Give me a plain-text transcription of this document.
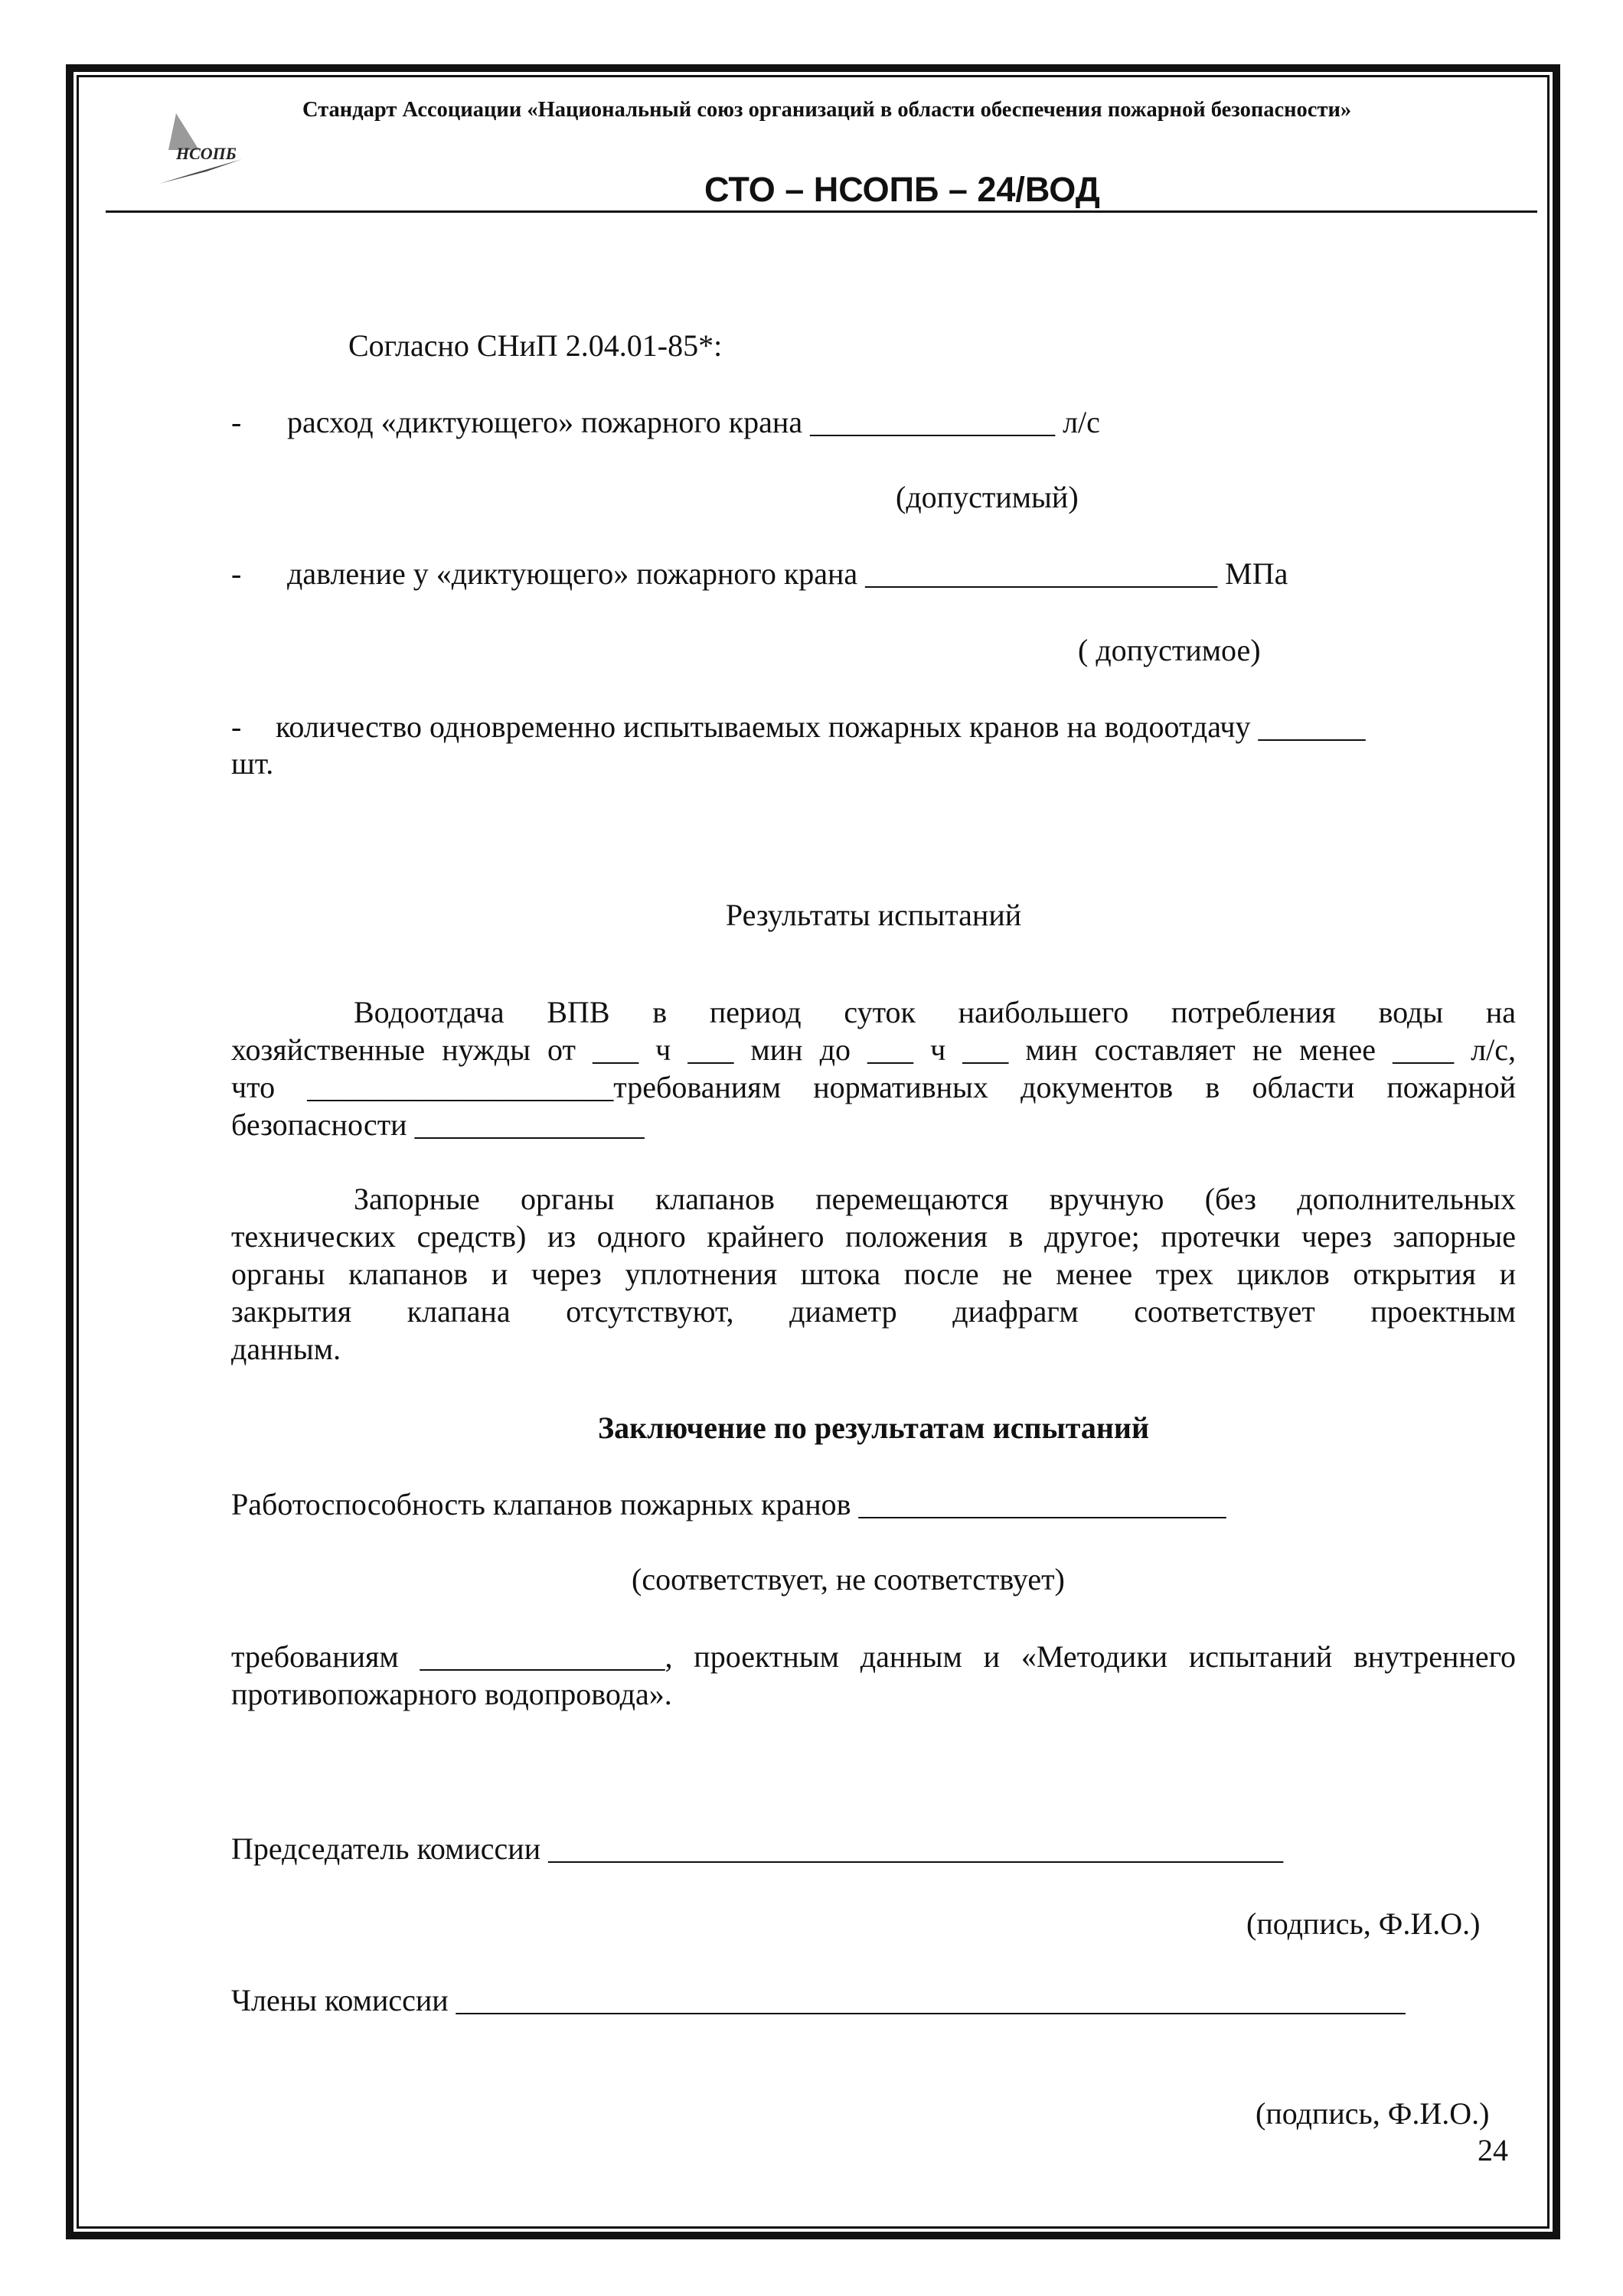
НСОПБ
Стандарт Ассоциации «Национальный союз организаций в области обеспечения пожарной безопасности»
СТО – НСОПБ – 24/ВОД
Согласно СНиП 2.04.01-85*:
- расход «диктующего» пожарного крана ________________ л/с
(допустимый)
- давление у «диктующего» пожарного крана _______________________ МПа
( допустимое)
- количество одновременно испытываемых пожарных кранов на водоотдачу _______
шт.
Результаты испытаний
Водоотдача ВПВ в период суток наибольшего потребления воды на
хозяйственные нужды от ___ ч ___ мин до ___ ч ___ мин составляет не менее ____ л/с,
что ____________________требованиям нормативных документов в области пожарной
безопасности _______________
Запорные органы клапанов перемещаются вручную (без дополнительных
технических средств) из одного крайнего положения в другое; протечки через запорные
органы клапанов и через уплотнения штока после не менее трех циклов открытия и
закрытия клапана отсутствуют, диаметр диафрагм соответствует проектным
данным.
Заключение по результатам испытаний
Работоспособность клапанов пожарных кранов ________________________
(соответствует, не соответствует)
требованиям ________________, проектным данным и «Методики испытаний внутреннего
противопожарного водопровода».
Председатель комиссии ________________________________________________
(подпись, Ф.И.О.)
Члены комиссии ______________________________________________________________
(подпись, Ф.И.О.)
24
